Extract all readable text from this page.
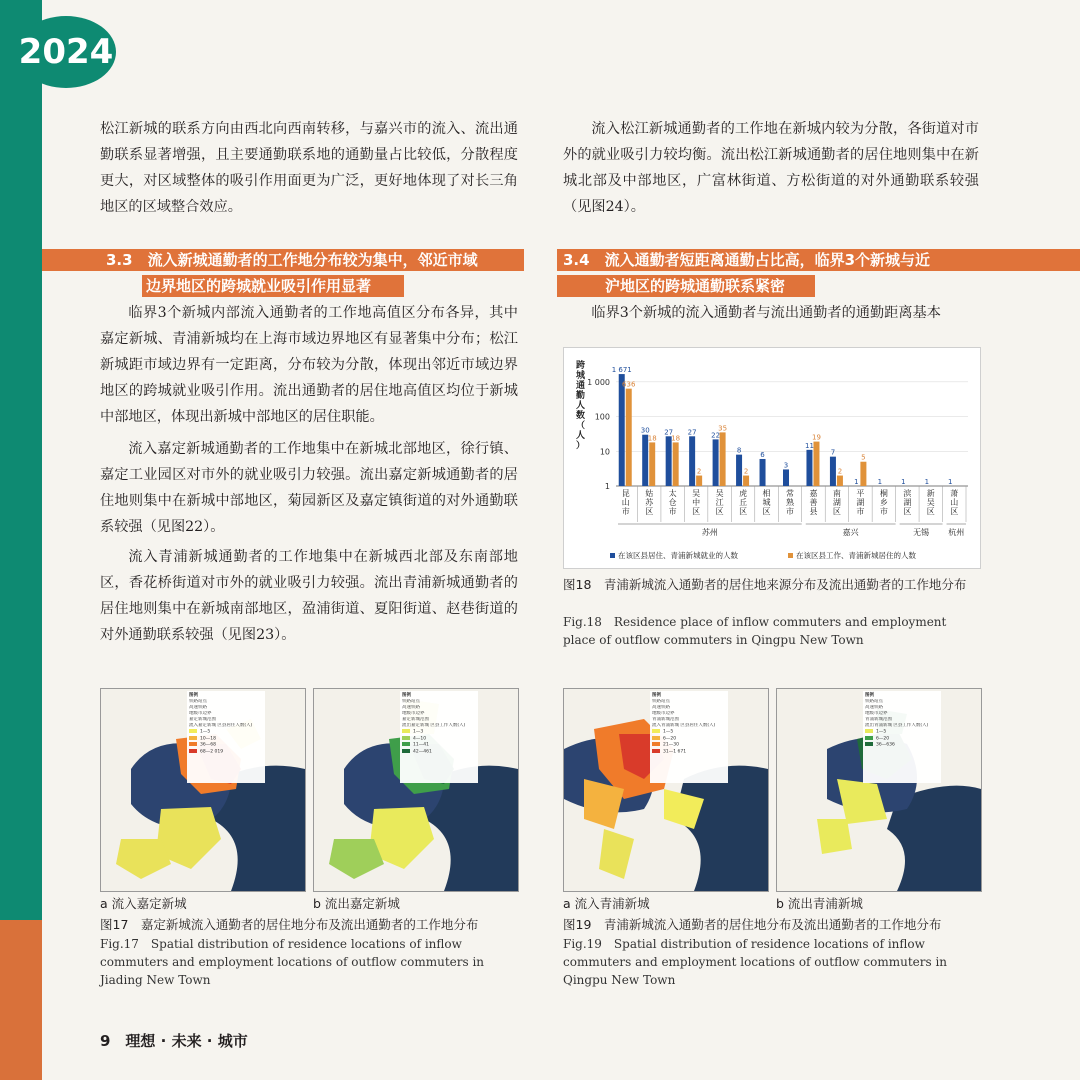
2024

松江新城的联系方向由西北向西南转移，与嘉兴市的流入、流出通勤联系显著增强，且主要通勤联系地的通勤量占比较低，分散程度更大，对区域整体的吸引作用面更为广泛，更好地体现了对长三角地区的区域整合效应。

3.3　流入新城通勤者的工作地分布较为集中，邻近市域
边界地区的跨城就业吸引作用显著

临界3个新城内部流入通勤者的工作地高值区分布各异，其中嘉定新城、青浦新城均在上海市域边界地区有显著集中分布；松江新城距市域边界有一定距离，分布较为分散，体现出邻近市域边界地区的跨城就业吸引作用。流出通勤者的居住地高值区均位于新城中部地区，体现出新城中部地区的居住职能。

流入嘉定新城通勤者的工作地集中在新城北部地区，徐行镇、嘉定工业园区对市外的就业吸引力较强。流出嘉定新城通勤者的居住地则集中在新城中部地区，菊园新区及嘉定镇街道的对外通勤联系较强（见图22）。

流入青浦新城通勤者的工作地集中在新城西北部及东南部地区，香花桥街道对市外的就业吸引力较强。流出青浦新城通勤者的居住地则集中在新城南部地区，盈浦街道、夏阳街道、赵巷街道的对外通勤联系较强（见图23）。

流入松江新城通勤者的工作地在新城内较为分散，各街道对市外的就业吸引力较均衡。流出松江新城通勤者的居住地则集中在新城北部及中部地区，广富林街道、方松街道的对外通勤联系较强（见图24）。

3.4　流入通勤者短距离通勤占比高，临界3个新城与近
沪地区的跨城通勤联系紧密

临界3个新城的流入通勤者与流出通勤者的通勤距离基本

1
10
100
1 000
跨
城
通
勤
人
数
（
人
）
1 671
636
昆
山
市
30
18
姑
苏
区
27
18
太
仓
市
27
2
吴
中
区
22
35
吴
江
区
8
2
虎
丘
区
6
相
城
区
3
常
熟
市
11
19
嘉
善
县
7
2
南
湖
区
1
5
平
湖
市
1
桐
乡
市
1
滨
湖
区
1
新
吴
区
1
萧
山
区
苏州	嘉兴	无锡 杭州
在该区县居住、青浦新城就业的人数	在该区县工作、青浦新城居住的人数
图18　青浦新城流入通勤者的居住地来源分布及流出通勤者的工作地分布
Fig.18　Residence place of inflow commuters and employment place of outflow commuters in Qingpu New Town
图例
铁路站点
高速铁路
地级市边界
嘉定新城范围
流入嘉定新城 区县居住人数(人)
1—5
10—18
36—68
68—2 019
图例
铁路站点
高速铁路
地级市边界
嘉定新城范围
流出嘉定新城 区县工作人数(人)
1—3
4—10
11—41
42—461
a 流入嘉定新城	b 流出嘉定新城
图17　嘉定新城流入通勤者的居住地分布及流出通勤者的工作地分布
Fig.17　Spatial distribution of residence locations of inflow commuters and employment locations of outflow commuters in Jiading New Town
图例
铁路站点
高速铁路
地级市边界
青浦新城范围
流入青浦新城 区县居住人数(人)
1—5
6—20
21—30
31—1 671
图例
铁路站点
高速铁路
地级市边界
青浦新城范围
流出青浦新城 区县工作人数(人)
1—5
6—20
36—636
a 流入青浦新城	b 流出青浦新城
图19　青浦新城流入通勤者的居住地分布及流出通勤者的工作地分布
Fig.19　Spatial distribution of residence locations of inflow commuters and employment locations of outflow commuters in Qingpu New Town
9　理想 · 未来 · 城市
